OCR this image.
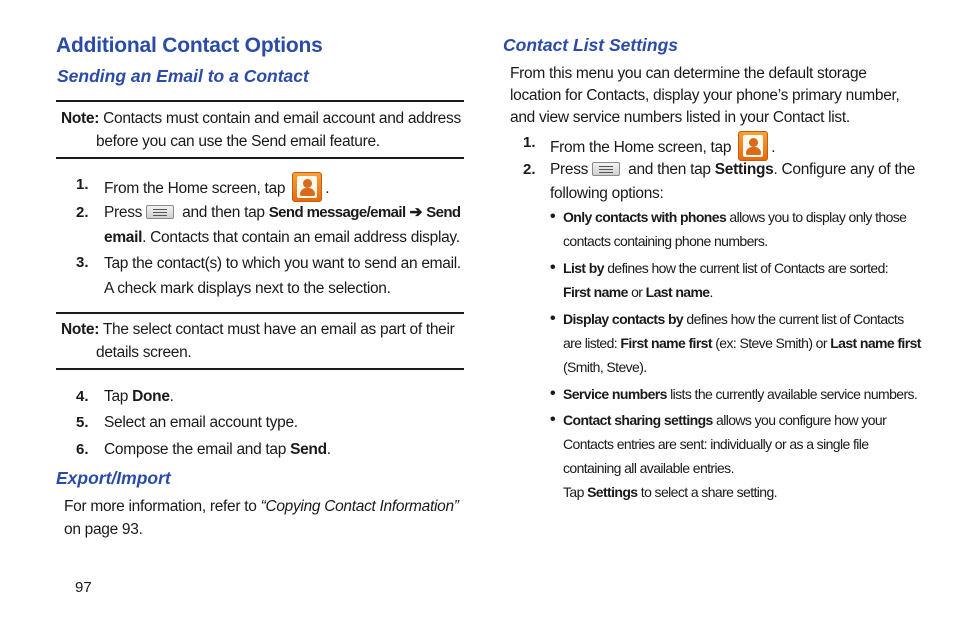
Additional Contact Options
Sending an Email to a Contact
Note: Contacts must contain and email account and address
before you can use the Send email feature.
1. From the Home screen, tap	.
2. Press
and then tap Send message/email ➔ Send
email. Contacts that contain an email address display.
3. Tap the contact(s) to which you want to send an email.
A check mark displays next to the selection.
Note: The select contact must have an email as part of their
details screen.
4. Tap Done.
5. Select an email account type.
6. Compose the email and tap Send.
Export/Import
For more information, refer to “Copying Contact Information”
on page 93.
97
Contact List Settings
From this menu you can determine the default storage
location for Contacts, display your phone’s primary number,
and view service numbers listed in your Contact list.
1. From the Home screen, tap	.
2. Press
and then tap Settings. Configure any of the
following options:
• Only contacts with phones allows you to display only those
contacts containing phone numbers.
• List by defines how the current list of Contacts are sorted:
First name or Last name.
• Display contacts by defines how the current list of Contacts
are listed: First name first (ex: Steve Smith) or Last name first
(Smith, Steve).
• Service numbers lists the currently available service numbers.
• Contact sharing settings allows you configure how your
Contacts entries are sent: individually or as a single file
containing all available entries.
Tap Settings to select a share setting.
